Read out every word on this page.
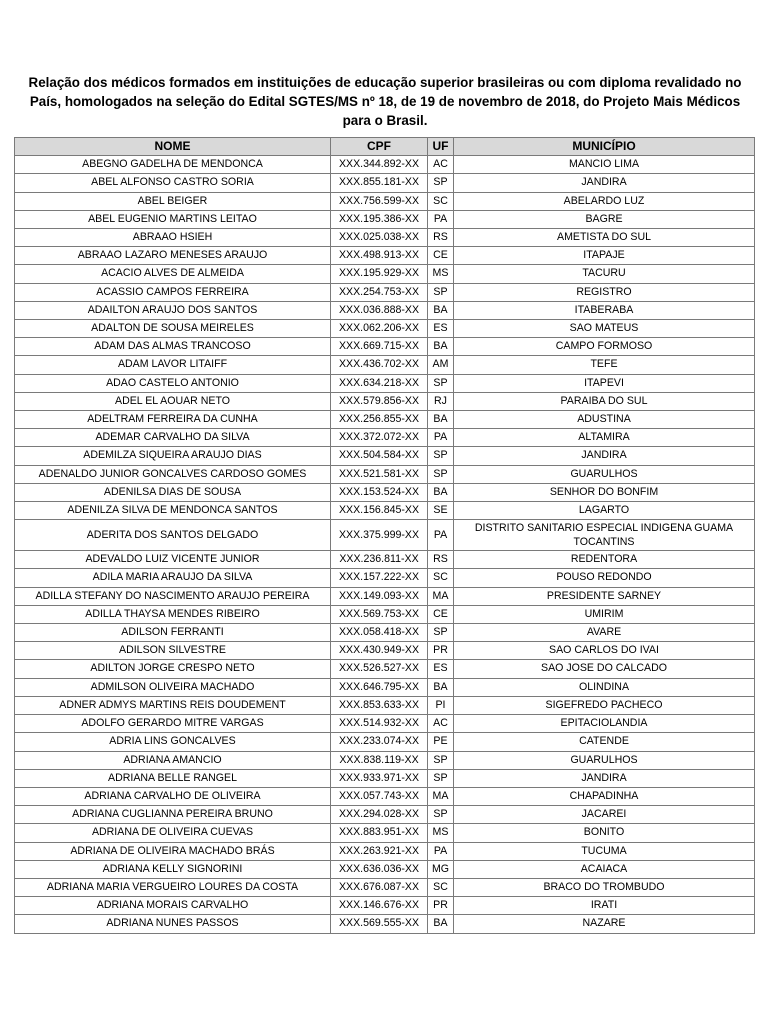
Relação dos médicos formados em instituições de educação superior brasileiras ou com diploma revalidado no
País, homologados na seleção do Edital SGTES/MS nº 18, de 19 de novembro de 2018, do Projeto Mais Médicos
para o Brasil.
NOME	CPF	UF	MUNICÍPIO
ABEGNO GADELHA DE MENDONCA	XXX.344.892-XX	AC	MANCIO LIMA
ABEL ALFONSO CASTRO SORIA	XXX.855.181-XX	SP	JANDIRA
ABEL BEIGER	XXX.756.599-XX	SC	ABELARDO LUZ
ABEL EUGENIO MARTINS LEITAO	XXX.195.386-XX	PA	BAGRE
ABRAAO HSIEH	XXX.025.038-XX	RS	AMETISTA DO SUL
ABRAAO LAZARO MENESES ARAUJO	XXX.498.913-XX	CE	ITAPAJE
ACACIO ALVES DE ALMEIDA	XXX.195.929-XX	MS	TACURU
ACASSIO CAMPOS FERREIRA	XXX.254.753-XX	SP	REGISTRO
ADAILTON ARAUJO DOS SANTOS	XXX.036.888-XX	BA	ITABERABA
ADALTON DE SOUSA MEIRELES	XXX.062.206-XX	ES	SAO MATEUS
ADAM DAS ALMAS TRANCOSO	XXX.669.715-XX	BA	CAMPO FORMOSO
ADAM LAVOR LITAIFF	XXX.436.702-XX	AM	TEFE
ADAO CASTELO ANTONIO	XXX.634.218-XX	SP	ITAPEVI
ADEL EL AOUAR NETO	XXX.579.856-XX	RJ	PARAIBA DO SUL
ADELTRAM FERREIRA DA CUNHA	XXX.256.855-XX	BA	ADUSTINA
ADEMAR CARVALHO DA SILVA	XXX.372.072-XX	PA	ALTAMIRA
ADEMILZA SIQUEIRA ARAUJO DIAS	XXX.504.584-XX	SP	JANDIRA
ADENALDO JUNIOR GONCALVES CARDOSO GOMES	XXX.521.581-XX	SP	GUARULHOS
ADENILSA DIAS DE SOUSA	XXX.153.524-XX	BA	SENHOR DO BONFIM
ADENILZA SILVA DE MENDONCA SANTOS	XXX.156.845-XX	SE	LAGARTO
ADERITA DOS SANTOS DELGADO	XXX.375.999-XX	PA	DISTRITO SANITARIO ESPECIAL INDIGENA GUAMA TOCANTINS
ADEVALDO LUIZ VICENTE JUNIOR	XXX.236.811-XX	RS	REDENTORA
ADILA MARIA ARAUJO DA SILVA	XXX.157.222-XX	SC	POUSO REDONDO
ADILLA STEFANY DO NASCIMENTO ARAUJO PEREIRA	XXX.149.093-XX	MA	PRESIDENTE SARNEY
ADILLA THAYSA MENDES RIBEIRO	XXX.569.753-XX	CE	UMIRIM
ADILSON FERRANTI	XXX.058.418-XX	SP	AVARE
ADILSON SILVESTRE	XXX.430.949-XX	PR	SAO CARLOS DO IVAI
ADILTON JORGE CRESPO NETO	XXX.526.527-XX	ES	SAO JOSE DO CALCADO
ADMILSON OLIVEIRA MACHADO	XXX.646.795-XX	BA	OLINDINA
ADNER ADMYS MARTINS REIS DOUDEMENT	XXX.853.633-XX	PI	SIGEFREDO PACHECO
ADOLFO GERARDO MITRE VARGAS	XXX.514.932-XX	AC	EPITACIOLANDIA
ADRIA LINS GONCALVES	XXX.233.074-XX	PE	CATENDE
ADRIANA AMANCIO	XXX.838.119-XX	SP	GUARULHOS
ADRIANA BELLE RANGEL	XXX.933.971-XX	SP	JANDIRA
ADRIANA CARVALHO DE OLIVEIRA	XXX.057.743-XX	MA	CHAPADINHA
ADRIANA CUGLIANNA PEREIRA BRUNO	XXX.294.028-XX	SP	JACAREI
ADRIANA DE OLIVEIRA CUEVAS	XXX.883.951-XX	MS	BONITO
ADRIANA DE OLIVEIRA MACHADO BRÁS	XXX.263.921-XX	PA	TUCUMA
ADRIANA KELLY SIGNORINI	XXX.636.036-XX	MG	ACAIACA
ADRIANA MARIA VERGUEIRO LOURES DA COSTA	XXX.676.087-XX	SC	BRACO DO TROMBUDO
ADRIANA MORAIS CARVALHO	XXX.146.676-XX	PR	IRATI
ADRIANA NUNES PASSOS	XXX.569.555-XX	BA	NAZARE
